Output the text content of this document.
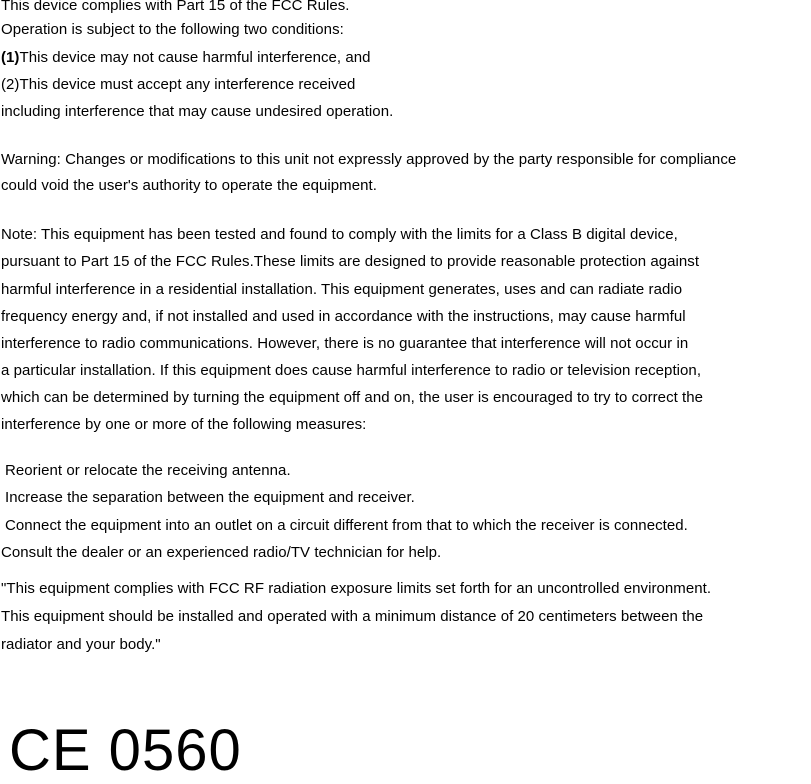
This device complies with Part 15 of the FCC Rules.
Operation is subject to the following two conditions:
(1)This device may not cause harmful interference, and
(2)This device must accept any interference received
including interference that may cause undesired operation.
Warning: Changes or modifications to this unit not expressly approved by the party responsible for compliance
could void the user's authority to operate the equipment.
Note: This equipment has been tested and found to comply with the limits for a Class B digital device,
pursuant to Part 15 of the FCC Rules.These limits are designed to provide reasonable protection against
harmful interference in a residential installation. This equipment generates, uses and can radiate radio
frequency energy and, if not installed and used in accordance with the instructions, may cause harmful
interference to radio communications. However, there is no guarantee that interference will not occur in
a particular installation. If this equipment does cause harmful interference to radio or television reception,
which can be determined by turning the equipment off and on, the user is encouraged to try to correct the
interference by one or more of the following measures:
Reorient or relocate the receiving antenna.
Increase the separation between the equipment and receiver.
Connect the equipment into an outlet on a circuit different from that to which the receiver is connected.
Consult the dealer or an experienced radio/TV technician for help.
"This equipment complies with FCC RF radiation exposure limits set forth for an uncontrolled environment.
This equipment should be installed and operated with a minimum distance of 20 centimeters between the
radiator and your body."
CE 0560
